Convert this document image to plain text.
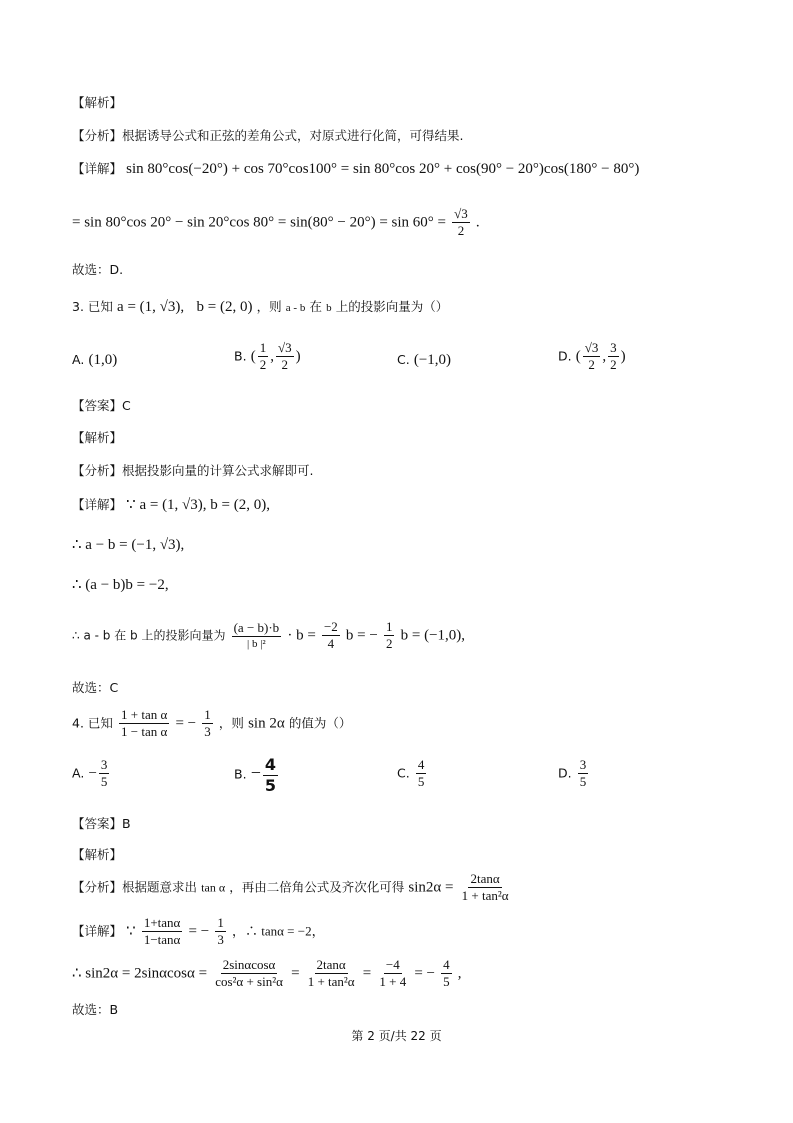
【解析】
【分析】根据诱导公式和正弦的差角公式，对原式进行化简，可得结果.
【详解】 sin 80°cos(−20°) + cos 70°cos100° = sin 80°cos 20° + cos(90° − 20°)cos(180° − 80°)
= sin 80°cos 20° − sin 20°cos $80^\circ = \sin(80^\circ - 20^\circ) = \sin 60^\circ = \frac{√3}{2}$ .
故选：D.
3. 已知 a = (1, √3), b = (2, 0) ，则 a - b 在 b 上的投影向量为（）
A. (1,0)	B. ( $\frac{1}{2}$ , $\frac{√3}{2}$ )	C. (−1,0)	D. ( $\frac{√3}{2}$ , $\frac{3}{2}$ )
【答案】C
【解析】
【分析】根据投影向量的计算公式求解即可.
【详解】 ∵ a = (1, √3), b = (2, 0),
∴ a − b = (−1, √3),
∴ (a − b)b = −2,
∴ a - b 在 b 上的投影向量为 $\frac{(a - b)\cdot b}{\text{| b |²}} \cdot b = \frac{-2}{4}$ b = − $\frac{1}{2}$ b = (−1,0),
故选：C
4. 已知 $\frac{\text{1 + tan α}}{\text{1 − tan α}}$ = − $\frac{1}{3}$ ，则 sin 2α 的值为（）
A. − $\frac{3}{5}$	B. − $\frac{4}{5}$	C. $\frac{4}{5}$	D. $\frac{3}{5}$
【答案】B
【解析】
【分析】根据题意求出 tan α ，再由二倍角公式及齐次化可得 $\sin 2\alpha = \frac{2\tan\alpha}{\text{1 + tan²α}}$
【详解】 ∵ $\frac{1+\tan\alpha}{1-\tan\alpha}$ = − $\frac{1}{3}$ ，∴ tanα = −2，
∴ $\sin 2\alpha = 2\sin\alpha\cos\alpha = \frac{2\sin\alpha\cos\alpha}{\text{cos²α + sin²α}} = \frac{2\tan\alpha}{\text{1 + tan²α}} = \frac{-4}{1 + 4}$ = − $\frac{4}{5}$ ,
故选：B
第 2 页/共 22 页
